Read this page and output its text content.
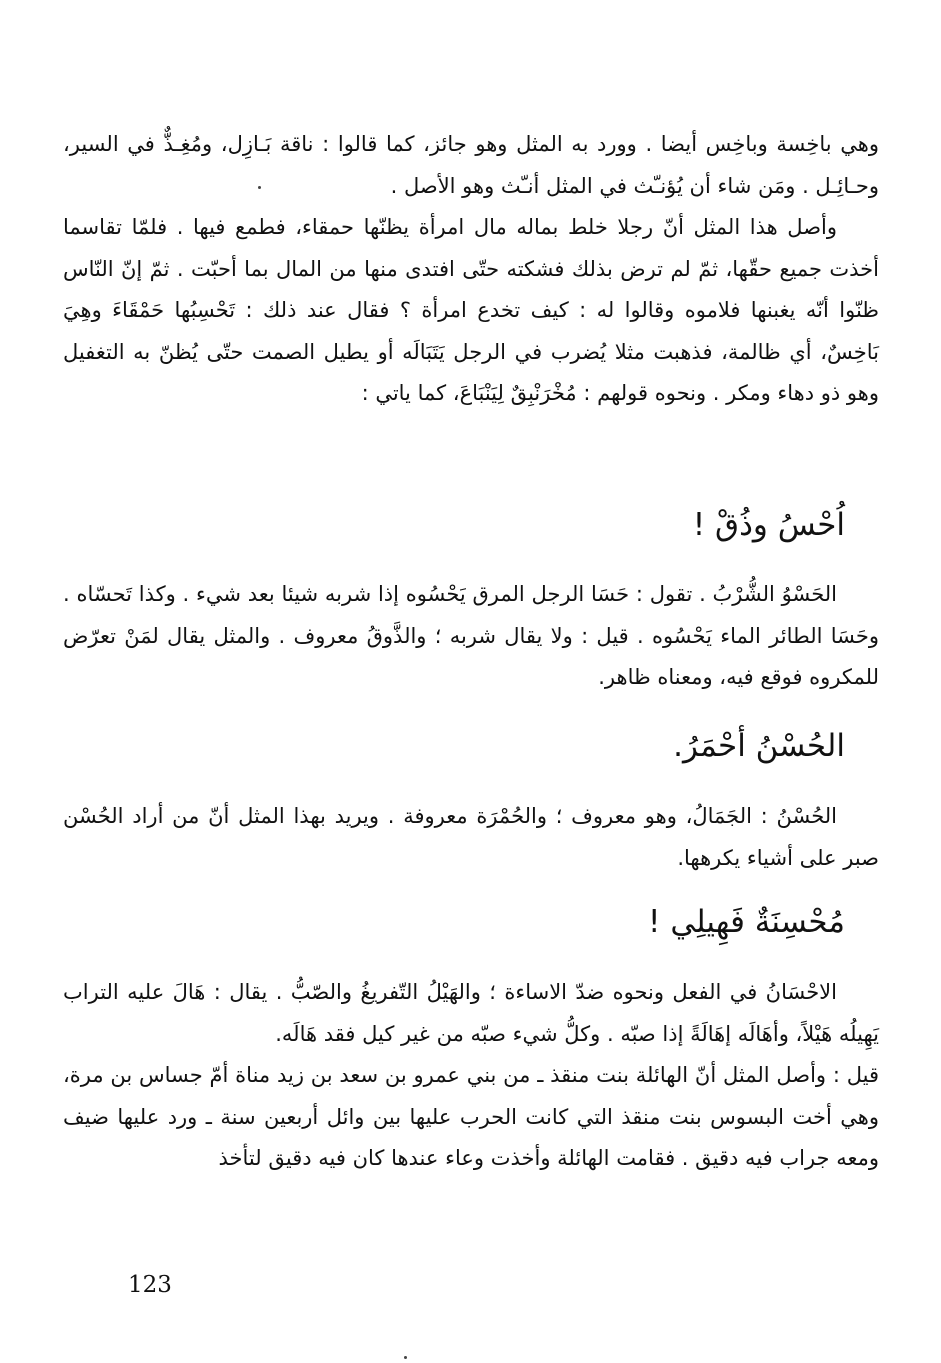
وهي باخِسة وباخِس أيضا . وورد به المثل وهو جائز، كما قالوا : ناقة بَـازِل، ومُغِـذٌّ في السير، وحـائِـل . ومَن شاء أن يُؤنـّث في المثل أنـّث وهو الأصل .

وأصل هذا المثل أنّ رجلا خلط بماله مال امرأة يظنّها حمقاء، فطمع فيها . فلمّا تقاسما أخذت جميع حقّها، ثمّ لم ترض بذلك فشكته حتّى افتدى منها من المال بما أحبّت . ثمّ إنّ النّاس ظنّوا أنّه يغبنها فلاموه وقالوا له : كيف تخدع امرأة ؟ فقال عند ذلك : تَحْسِبُها حَمْقَاءَ وهِيَ بَاخِسٌ، أي ظالمة، فذهبت مثلا يُضرب في الرجل يَتَبَالَه أو يطيل الصمت حتّى يُظنّ به التغفيل وهو ذو دهاء ومكر . ونحوه قولهم : مُخْرَنْبِقٌ لِيَنْبَاعَ، كما ياتي :

اُحْسُ وذُقْ !

الحَسْوُ الشُّرْبُ . تقول : حَسَا الرجل المرق يَحْسُوه إذا شربه شيئا بعد شيء . وكذا تَحسّاه . وحَسَا الطائر الماء يَحْسُوه . قيل : ولا يقال شربه ؛ والذَّوقُ معروف . والمثل يقال لمَنْ تعرّض للمكروه فوقع فيه، ومعناه ظاهر.

الحُسْنُ أحْمَرُ.

الحُسْنُ : الجَمَالُ، وهو معروف ؛ والحُمْرَة معروفة . ويريد بهذا المثل أنّ من أراد الحُسْن صبر على أشياء يكرهها.

مُحْسِنَةٌ فَهِيلِي !

الاحْسَانُ في الفعل ونحوه ضدّ الاساءة ؛ والهَيْلُ التّفريغُ والصّبُّ . يقال : هَالَ عليه التراب يَهِيلُه هَيْلاً، وأهَالَه إهَالَةً إذا صبّه . وكلُّ شيء صبّه من غير كيل فقد هَالَه.

قيل : وأصل المثل أنّ الهائلة بنت منقذ ـ من بني عمرو بن سعد بن زيد مناة أمّ جساس بن مرة، وهي أخت البسوس بنت منقذ التي كانت الحرب عليها بين وائل أربعين سنة ـ ورد عليها ضيف ومعه جراب فيه دقيق . فقامت الهائلة وأخذت وعاء عندها كان فيه دقيق لتأخذ

123
